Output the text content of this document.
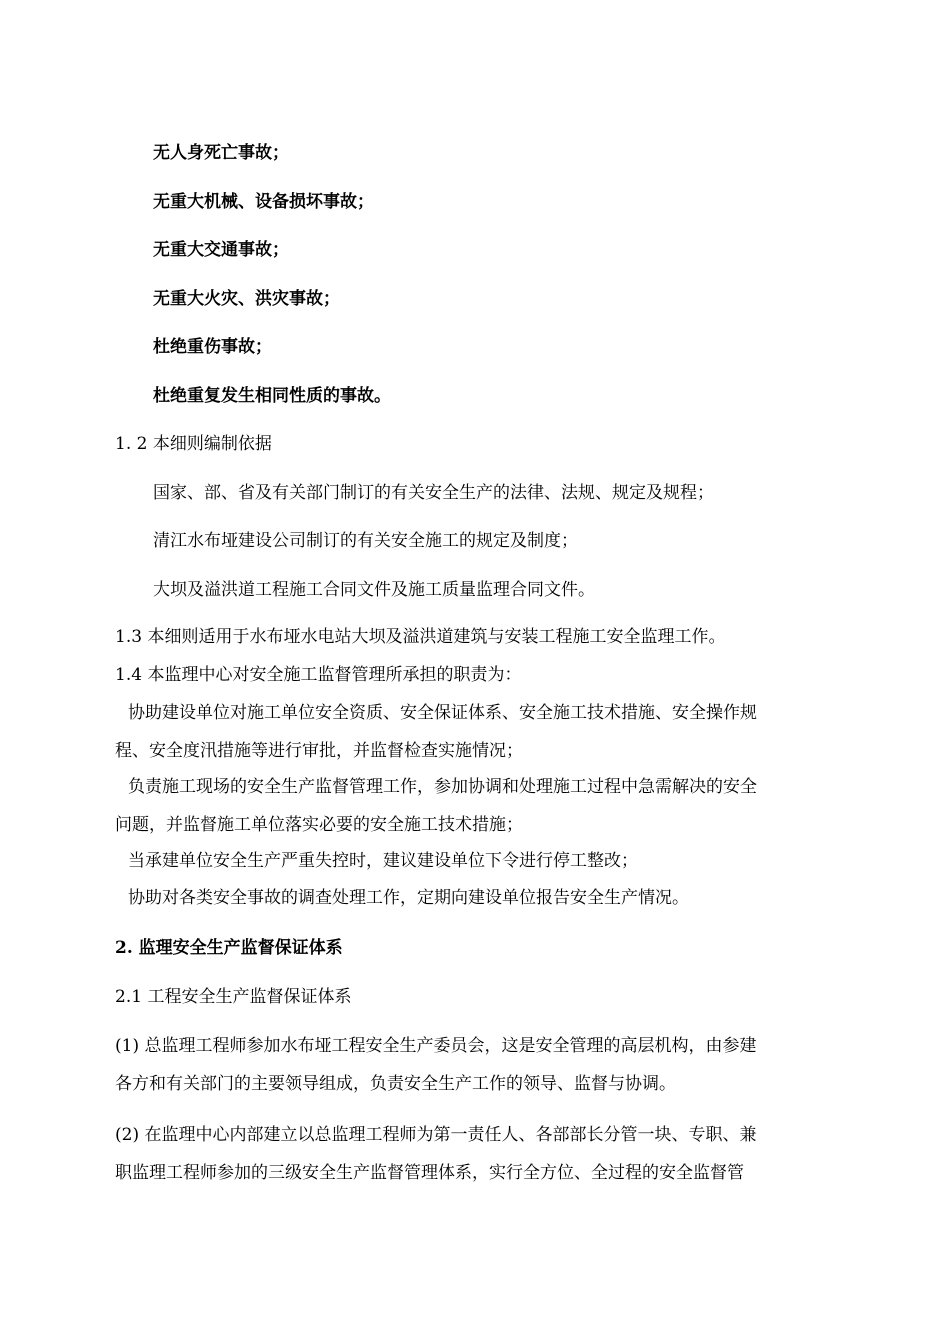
无人身死亡事故；
无重大机械、设备损坏事故；
无重大交通事故；
无重大火灾、洪灾事故；
杜绝重伤事故；
杜绝重复发生相同性质的事故。
1. 2 本细则编制依据
国家、部、省及有关部门制订的有关安全生产的法律、法规、规定及规程；
清江水布垭建设公司制订的有关安全施工的规定及制度；
大坝及溢洪道工程施工合同文件及施工质量监理合同文件。
1.3 本细则适用于水布垭水电站大坝及溢洪道建筑与安装工程施工安全监理工作。
1.4 本监理中心对安全施工监督管理所承担的职责为：
协助建设单位对施工单位安全资质、安全保证体系、安全施工技术措施、安全操作规
程、安全度汛措施等进行审批，并监督检查实施情况；
负责施工现场的安全生产监督管理工作，参加协调和处理施工过程中急需解决的安全
问题，并监督施工单位落实必要的安全施工技术措施；
当承建单位安全生产严重失控时，建议建设单位下令进行停工整改；
协助对各类安全事故的调查处理工作，定期向建设单位报告安全生产情况。
2. 监理安全生产监督保证体系
2.1 工程安全生产监督保证体系
(1) 总监理工程师参加水布垭工程安全生产委员会，这是安全管理的高层机构，由参建
各方和有关部门的主要领导组成，负责安全生产工作的领导、监督与协调。
(2) 在监理中心内部建立以总监理工程师为第一责任人、各部部长分管一块、专职、兼
职监理工程师参加的三级安全生产监督管理体系，实行全方位、全过程的安全监督管
